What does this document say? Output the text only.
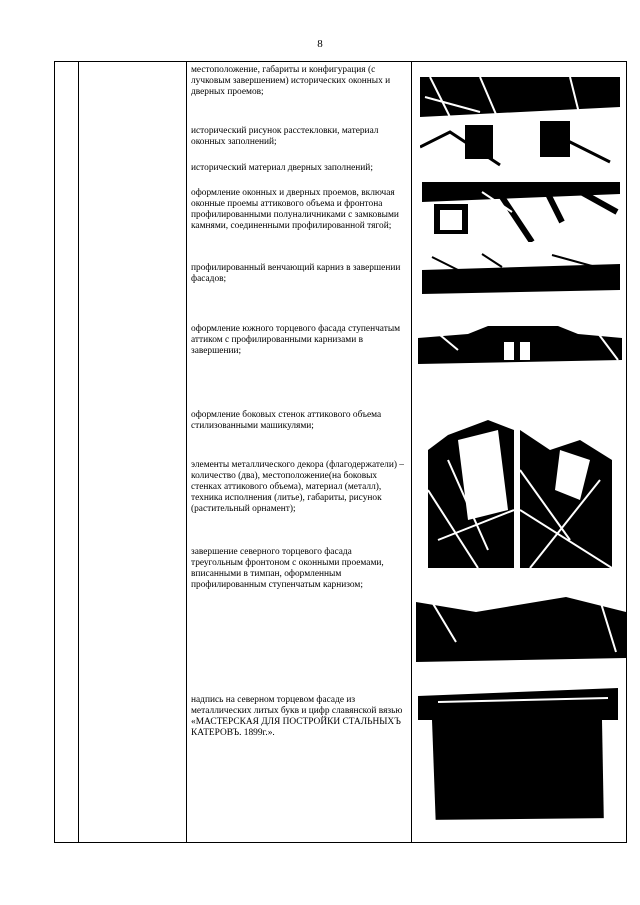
8

местоположение, габариты и конфигурация (с лучковым завершением) исторических оконных и дверных проемов;

исторический рисунок расстекловки, материал оконных заполнений;

исторический материал дверных заполнений;

оформление оконных и дверных проемов, включая оконные проемы аттикового объема и фронтона профилированными полуналичниками с замковыми камнями, соединенными профилированной тягой;

профилированный венчающий карниз в завершении фасадов;

оформление южного торцевого фасада ступенчатым аттиком с профилированными карнизами в завершении;

оформление боковых стенок аттикового объема стилизованными машикулями;

элементы металлического декора (флагодержатели) – количество (два), местоположение(на боковых стенках аттикового объема), материал (металл), техника исполнения (литье), габариты, рисунок (растительный орнамент);

завершение северного торцевого фасада треугольным фронтоном с оконными проемами, вписанными в тимпан, оформленным профилированным ступенчатым карнизом;

надпись на северном торцевом фасаде из металлических литых букв и цифр славянской вязью «МАСТЕРСКАЯ ДЛЯ ПОСТРОЙКИ СТАЛЬНЫХЪ КАТЕРОВЪ. 1899г.».
